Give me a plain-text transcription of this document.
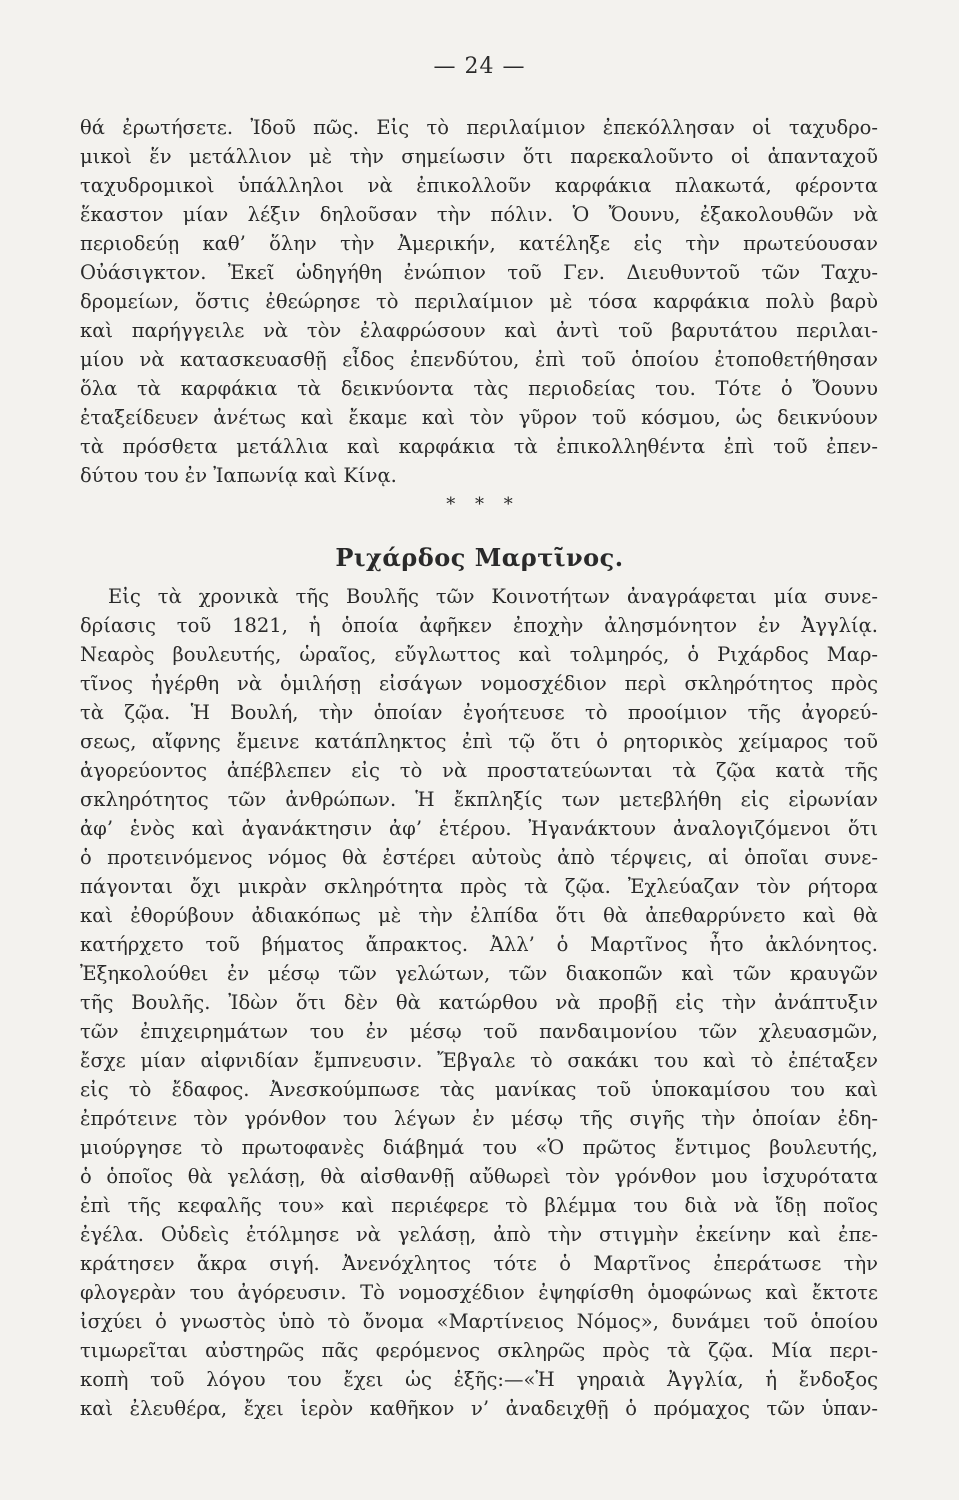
— 24 —
θά ἐρωτήσετε. Ἰδοῦ πῶς. Εἰς τὸ περιλαίμιον ἐπεκόλλησαν οἱ ταχυδρο-
μικοὶ ἕν μετάλλιον μὲ τὴν σημείωσιν ὅτι παρεκαλοῦντο οἱ ἁπανταχοῦ
ταχυδρομικοὶ ὑπάλληλοι νὰ ἐπικολλοῦν καρφάκια πλακωτά, φέροντα
ἕκαστον μίαν λέξιν δηλοῦσαν τὴν πόλιν. Ὁ Ὄουνυ, ἐξακολουθῶν νὰ
περιοδεύῃ καθ’ ὅλην τὴν Ἀμερικήν, κατέληξε εἰς τὴν πρωτεύουσαν
Οὐάσιγκτον. Ἐκεῖ ὡδηγήθη ἐνώπιον τοῦ Γεν. Διευθυντοῦ τῶν Ταχυ-
δρομείων, ὅστις ἐθεώρησε τὸ περιλαίμιον μὲ τόσα καρφάκια πολὺ βαρὺ
καὶ παρήγγειλε νὰ τὸν ἐλαφρώσουν καὶ ἀντὶ τοῦ βαρυτάτου περιλαι-
μίου νὰ κατασκευασθῇ εἶδος ἐπενδύτου, ἐπὶ τοῦ ὁποίου ἐτοποθετήθησαν
ὅλα τὰ καρφάκια τὰ δεικνύοντα τὰς περιοδείας του. Τότε ὁ Ὄουνυ
ἐταξείδευεν ἀνέτως καὶ ἔκαμε καὶ τὸν γῦρον τοῦ κόσμου, ὡς δεικνύουν
τὰ πρόσθετα μετάλλια καὶ καρφάκια τὰ ἐπικολληθέντα ἐπὶ τοῦ ἐπεν-
δύτου του ἐν Ἰαπωνίᾳ καὶ Κίνᾳ.
* * *
Ριχάρδος Μαρτῖνος.
Εἰς τὰ χρονικὰ τῆς Βουλῆς τῶν Κοινοτήτων ἀναγράφεται μία συνε-
δρίασις τοῦ 1821, ἡ ὁποία ἀφῆκεν ἐποχὴν ἀλησμόνητον ἐν Ἀγγλίᾳ.
Νεαρὸς βουλευτής, ὡραῖος, εὔγλωττος καὶ τολμηρός, ὁ Ριχάρδος Μαρ-
τῖνος ἠγέρθη νὰ ὁμιλήσῃ εἰσάγων νομοσχέδιον περὶ σκληρότητος πρὸς
τὰ ζῷα. Ἡ Βουλή, τὴν ὁποίαν ἐγοήτευσε τὸ προοίμιον τῆς ἀγορεύ-
σεως, αἴφνης ἔμεινε κατάπληκτος ἐπὶ τῷ ὅτι ὁ ρητορικὸς χείμαρος τοῦ
ἀγορεύοντος ἀπέβλεπεν εἰς τὸ νὰ προστατεύωνται τὰ ζῷα κατὰ τῆς
σκληρότητος τῶν ἀνθρώπων. Ἡ ἔκπληξίς των μετεβλήθη εἰς εἰρωνίαν
ἀφ’ ἑνὸς καὶ ἀγανάκτησιν ἀφ’ ἑτέρου. Ἠγανάκτουν ἀναλογιζόμενοι ὅτι
ὁ προτεινόμενος νόμος θὰ ἐστέρει αὐτοὺς ἀπὸ τέρψεις, αἱ ὁποῖαι συνε-
πάγονται ὄχι μικρὰν σκληρότητα πρὸς τὰ ζῷα. Ἐχλεύαζαν τὸν ρήτορα
καὶ ἐθορύβουν ἀδιακόπως μὲ τὴν ἐλπίδα ὅτι θὰ ἀπεθαρρύνετο καὶ θὰ
κατήρχετο τοῦ βήματος ἄπρακτος. Ἀλλ’ ὁ Μαρτῖνος ἦτο ἀκλόνητος.
Ἐξηκολούθει ἐν μέσῳ τῶν γελώτων, τῶν διακοπῶν καὶ τῶν κραυγῶν
τῆς Βουλῆς. Ἰδὼν ὅτι δὲν θὰ κατώρθου νὰ προβῇ εἰς τὴν ἀνάπτυξιν
τῶν ἐπιχειρημάτων του ἐν μέσῳ τοῦ πανδαιμονίου τῶν χλευασμῶν,
ἔσχε μίαν αἰφνιδίαν ἔμπνευσιν. Ἔβγαλε τὸ σακάκι του καὶ τὸ ἐπέταξεν
εἰς τὸ ἔδαφος. Ἀνεσκούμπωσε τὰς μανίκας τοῦ ὑποκαμίσου του καὶ
ἐπρότεινε τὸν γρόνθον του λέγων ἐν μέσῳ τῆς σιγῆς τὴν ὁποίαν ἐδη-
μιούργησε τὸ πρωτοφανὲς διάβημά του «Ὁ πρῶτος ἔντιμος βουλευτής,
ὁ ὁποῖος θὰ γελάσῃ, θὰ αἰσθανθῇ αὔθωρεὶ τὸν γρόνθον μου ἰσχυρότατα
ἐπὶ τῆς κεφαλῆς του» καὶ περιέφερε τὸ βλέμμα του διὰ νὰ ἴδῃ ποῖος
ἐγέλα. Οὐδεὶς ἐτόλμησε νὰ γελάσῃ, ἀπὸ τὴν στιγμὴν ἐκείνην καὶ ἐπε-
κράτησεν ἄκρα σιγή. Ἀνενόχλητος τότε ὁ Μαρτῖνος ἐπεράτωσε τὴν
φλογερὰν του ἀγόρευσιν. Τὸ νομοσχέδιον ἐψηφίσθη ὁμοφώνως καὶ ἔκτοτε
ἰσχύει ὁ γνωστὸς ὑπὸ τὸ ὄνομα «Μαρτίνειος Νόμος», δυνάμει τοῦ ὁποίου
τιμωρεῖται αὐστηρῶς πᾶς φερόμενος σκληρῶς πρὸς τὰ ζῷα. Μία περι-
κοπὴ τοῦ λόγου του ἔχει ὡς ἑξῆς:—«Ἡ γηραιὰ Ἀγγλία, ἡ ἔνδοξος
καὶ ἐλευθέρα, ἔχει ἱερὸν καθῆκον ν’ ἀναδειχθῇ ὁ πρόμαχος τῶν ὑπαν-
